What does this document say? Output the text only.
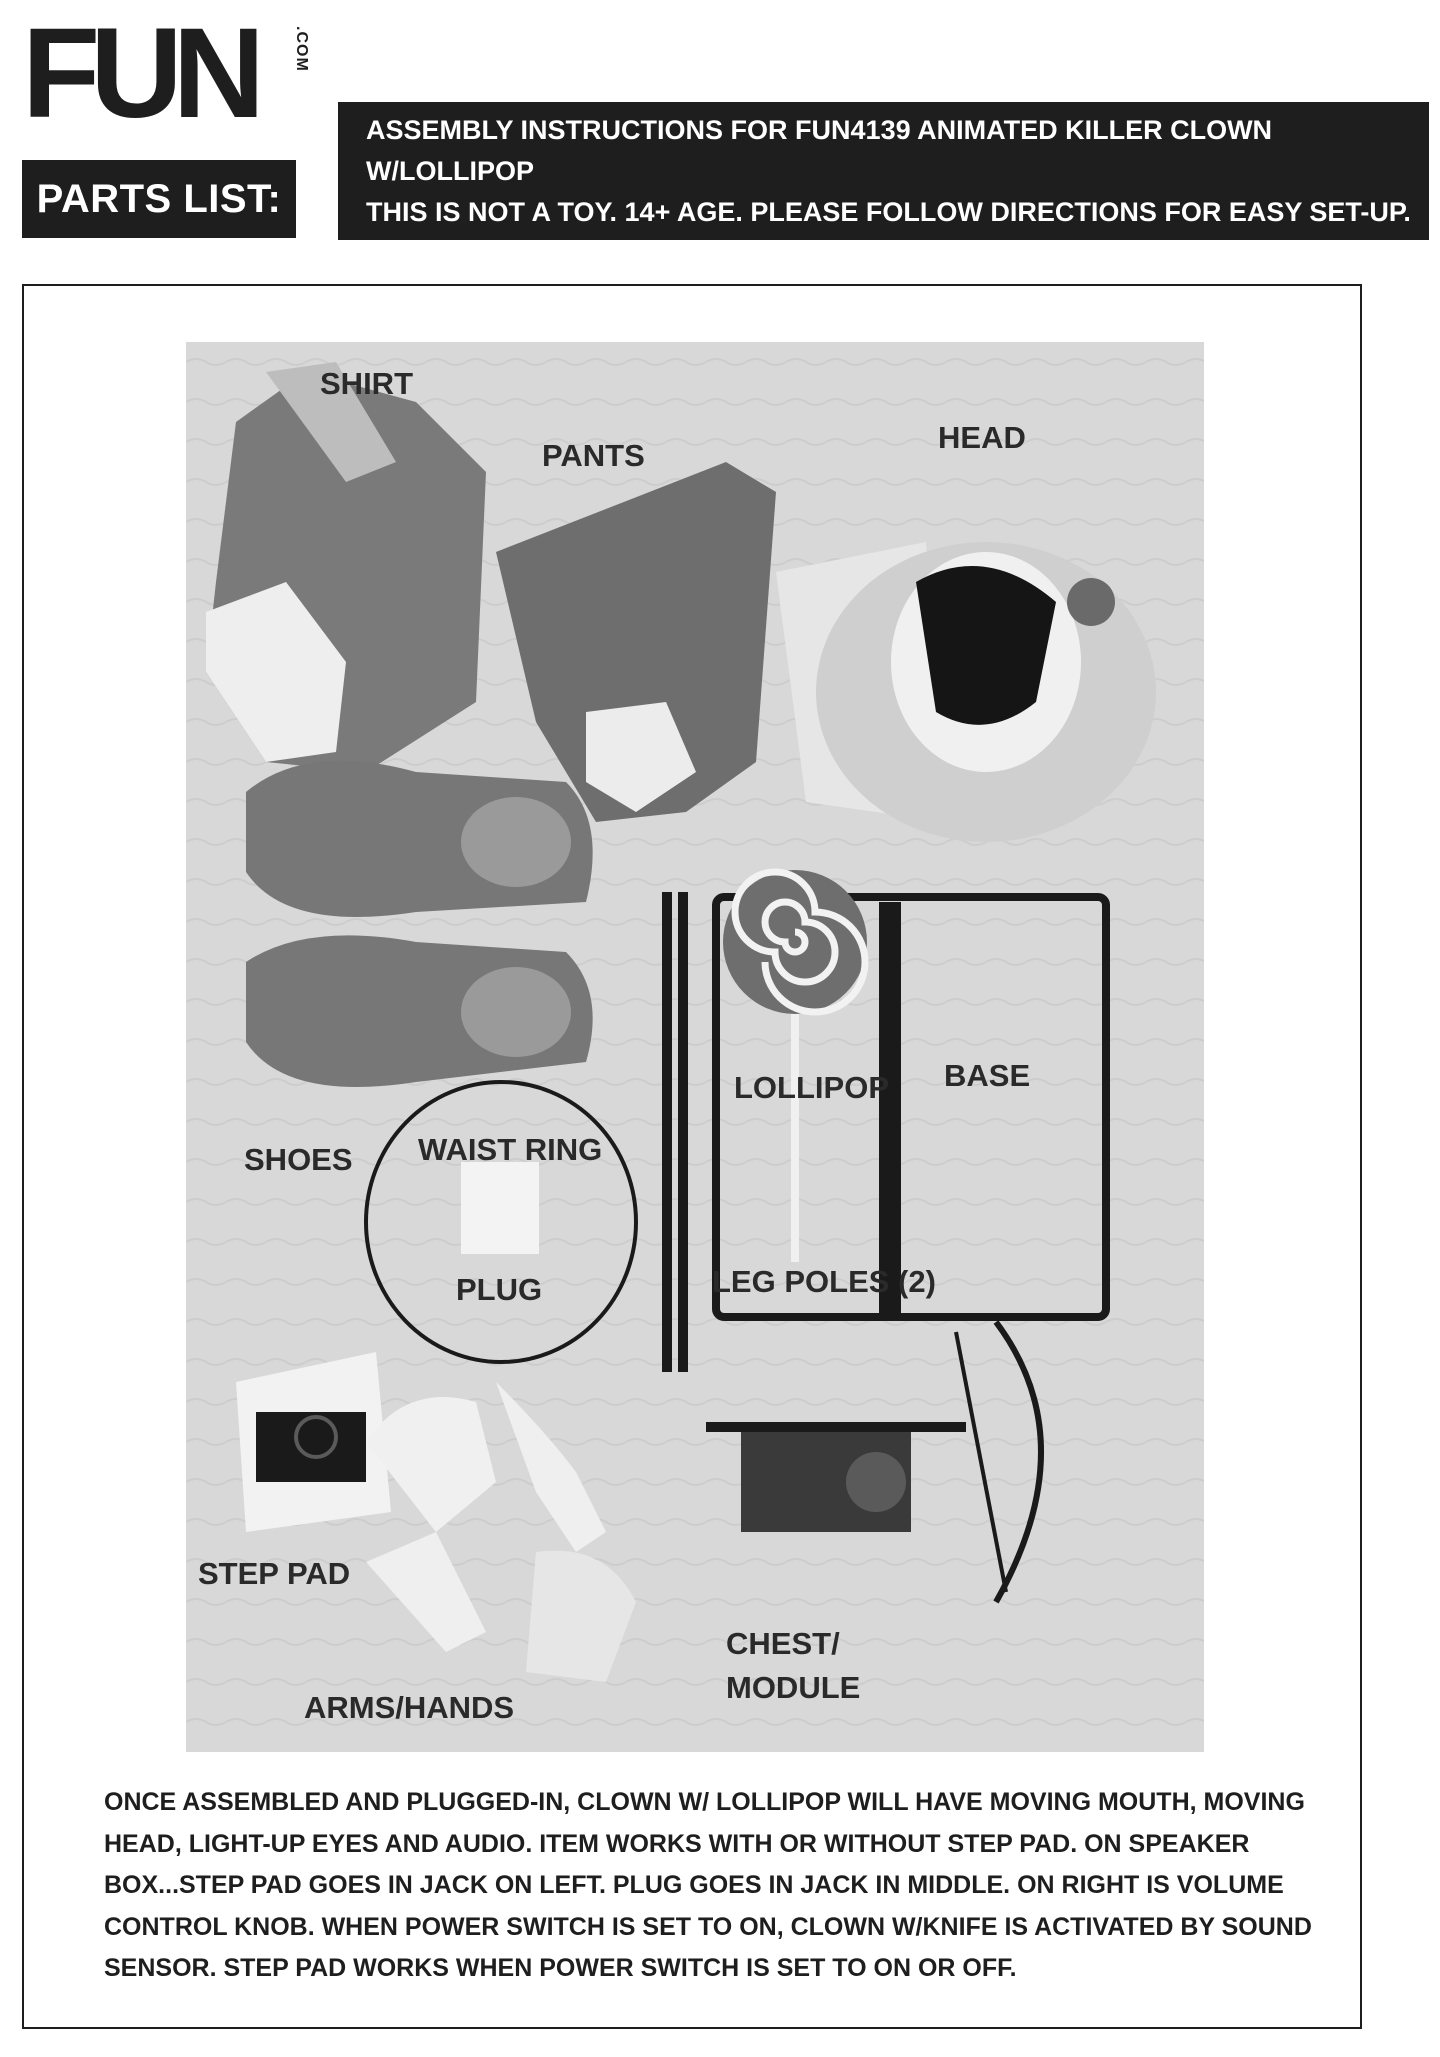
FUN .COM
PARTS LIST:
ASSEMBLY INSTRUCTIONS FOR FUN4139 ANIMATED KILLER CLOWN W/LOLLIPOP
THIS IS NOT A TOY. 14+ AGE. PLEASE FOLLOW DIRECTIONS FOR EASY SET-UP.
SHIRT
PANTS
HEAD
LOLLIPOP BASE
SHOES WAIST RING
PLUG	LEG POLES (2)
STEP PAD
ARMS/HANDS
CHEST/
MODULE

ONCE ASSEMBLED AND PLUGGED-IN, CLOWN W/ LOLLIPOP WILL HAVE MOVING MOUTH, MOVING

HEAD, LIGHT-UP EYES AND AUDIO. ITEM WORKS WITH OR WITHOUT STEP PAD. ON SPEAKER

BOX...STEP PAD GOES IN JACK ON LEFT. PLUG GOES IN JACK IN MIDDLE. ON RIGHT IS VOLUME

CONTROL KNOB. WHEN POWER SWITCH IS SET TO ON, CLOWN W/KNIFE IS ACTIVATED BY SOUND

SENSOR. STEP PAD WORKS WHEN POWER SWITCH IS SET TO ON OR OFF.
